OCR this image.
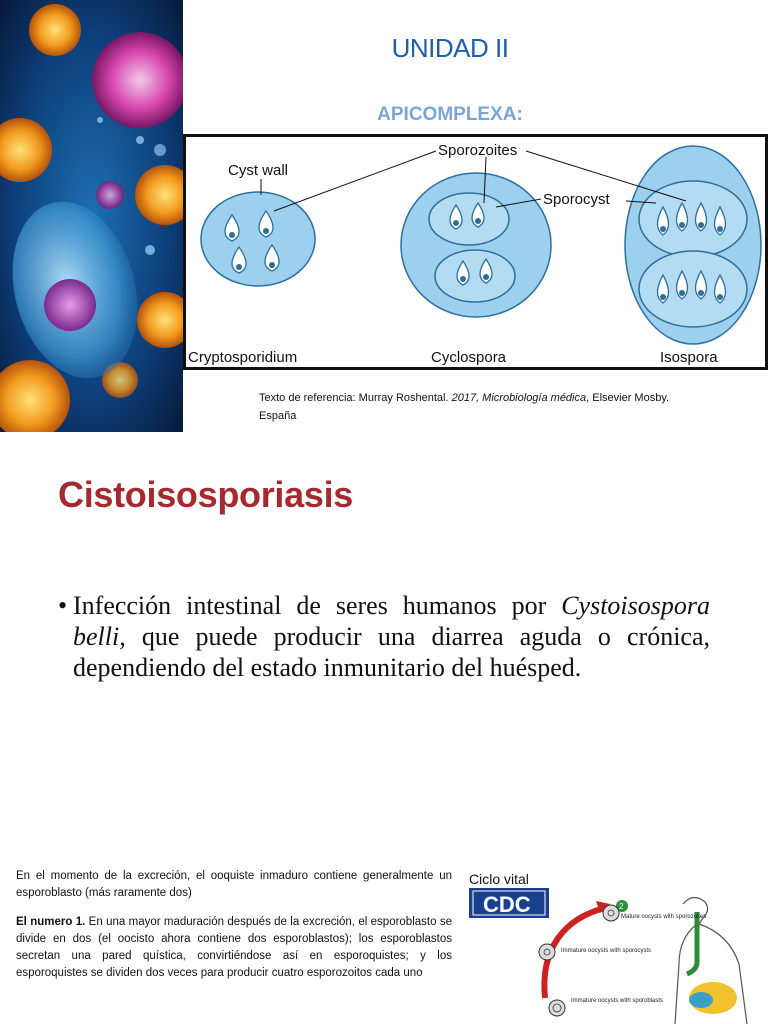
UNIDAD II
APICOMPLEXA:
Cyst wall
Sporozoites
Sporocyst
Cryptosporidium	Cyclospora	Isospora
Texto de referencia: Murray Roshental. 2017, Microbiología médica, Elsevier Mosby. España
Cistoisosporiasis
• Infección intestinal de seres humanos por Cystoisospora belli, que puede producir una diarrea aguda o crónica, dependiendo del estado inmunitario del huésped.

En el momento de la excreción, el ooquiste inmaduro contiene generalmente un esporoblasto (más raramente dos)

El numero 1. En una mayor maduración después de la excreción, el esporoblasto se divide en dos (el oocisto ahora contiene dos esporoblastos); los esporoblastos secretan una pared quística, convirtiéndose así en esporoquistes; y los esporoquistes se dividen dos veces para producir cuatro esporozoitos cada uno

Ciclo vital
CDC	2
Mature oocysts with sporozoites
Immature oocysts with sporocysts
Immature oocysts with sporoblasts
